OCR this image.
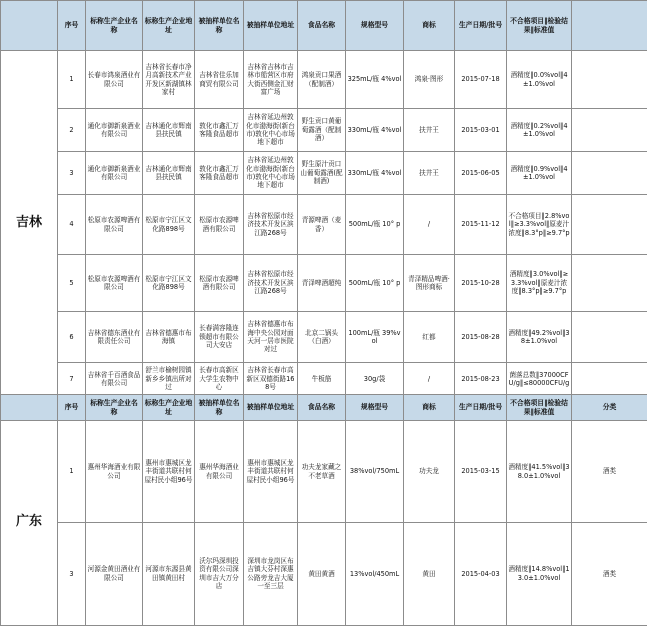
	序号	标称生产企业名称	标称生产企业地址	被抽样单位名称	被抽样单位地址	食品名称	规格型号	商标	生产日期/批号	不合格项目‖检验结果‖标准值	
吉林	1	长春市鸿泉酒业有限公司	吉林省长春市净月高新技术产业开发区新湖镇林家村	吉林省佳乐加商贸有限公司	吉林省吉林市吉林市船营区市府大街西侧金汇财富广场	鸿泉贡口果酒（配制酒）	325mL/瓶 4%vol	鸿泉·图形	2015-07-18	酒精度‖0.0%vol‖4±1.0%vol	
	2	通化市御新泉酒业有限公司	吉林通化市辉南县扶民镇	敦化市鑫汇万客隆食品超市	吉林省延边州敦化市渤海街(新台市)敦化中心市场地下超市	野生贡口黄葡萄露酒（配制酒）	330mL/瓶 4%vol	扶井王	2015-03-01	酒精度‖0.2%vol‖4±1.0%vol	
	3	通化市御新泉酒业有限公司	吉林通化市辉南县扶民镇	敦化市鑫汇万客隆食品超市	吉林省延边州敦化市渤海街(新台市)敦化中心市场地下超市	野生原汁贡口山葡萄露酒(配制酒)	330mL/瓶 4%vol	扶井王	2015-06-05	酒精度‖0.9%vol‖4±1.0%vol	
	4	松原市农源啤酒有限公司	松原市宁江区文化路898号	松原市农源啤酒有限公司	吉林省松原市经济技术开发区滨江路268号	青源啤酒（麦香）	500mL/瓶 10° p	/	2015-11-12	不合格项目‖2.8%vol‖≥3.3%vol‖原麦汁浓度‖8.3°p‖≥9.7°p	
	5	松原市农源啤酒有限公司	松原市宁江区文化路898号	松原市农源啤酒有限公司	吉林省松原市经济技术开发区滨江路268号	青泽啤酒超纯	500mL/瓶 10° p	青泽精品啤酒·图形商标	2015-10-28	酒精度‖3.0%vol‖≥3.3%vol‖原麦汁浓度‖8.3°p‖≥9.7°p	
	6	吉林省德东酒业有限责任公司	吉林省德惠市布海镇	长春满容隆连锁超市有限公司大安店	吉林省德惠市布海中央公园对面天河一居市医院对过	北京二锅头（白酒）	100mL/瓶 39%vol	红都	2015-08-28	酒精度‖49.2%vol‖38±1.0%vol	
	7	吉林省千百酒食品有限公司	舒兰市榆树园镇新乡乡镇出所对过	长春市高新区大学生农物中心	吉林省长春市高新区双德街路168号	牛板筋	30g/袋	/	2015-08-23	菌落总数‖37000CFU/g‖≤80000CFU/g	
	序号	标称生产企业名称	标称生产企业地址	被抽样单位名称	被抽样单位地址	食品名称	规格型号	商标	生产日期/批号	不合格项目‖检验结果‖标准值	分类	
广东	1	惠州华海酒业有限公司	惠州市惠城区龙丰街道共联村何屋村民小组96号	惠州华海酒业有限公司	惠州市惠城区龙丰街道共联村何屋村民小组96号	功夫龙家藏之不老草酒	38%vol/750mL	功夫龙	2015-03-15	酒精度‖41.5%vol‖38.0±1.0%vol	酒类	
	3	河源金黄田酒业有限公司	河源市东源县黄田镇黄田村	沃尔玛深圳投资有限公司深圳市吉大万分店	深圳市龙岗区布吉镇大芬村深惠公路旁龙吉大厦一至三层	黄田黄酒	13%vol/450mL	黄田	2015-04-03	酒精度‖14.8%vol‖13.0±1.0%vol	酒类	
